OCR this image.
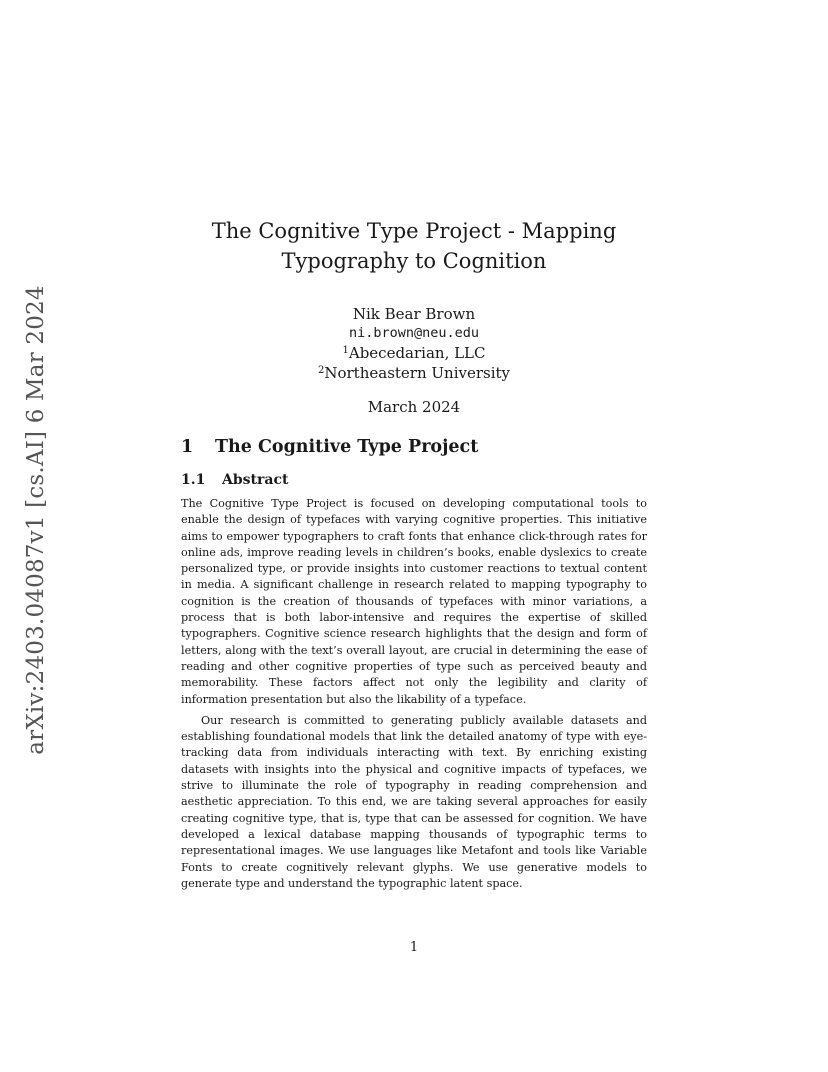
arXiv:2403.04087v1 [cs.AI] 6 Mar 2024
The Cognitive Type Project - Mapping
Typography to Cognition
Nik Bear Brown
ni.brown@neu.edu
$^1$Abecedarian, LLC
$^2$Northeastern University
March 2024
1 The Cognitive Type Project
1.1 Abstract

The Cognitive Type Project is focused on developing computational tools to enable the design of typefaces with varying cognitive properties. This initiative aims to empower typographers to craft fonts that enhance click-through rates for online ads, improve reading levels in children’s books, enable dyslexics to create personalized type, or provide insights into customer reactions to textual content in media. A significant challenge in research related to mapping typography to cognition is the creation of thousands of typefaces with minor variations, a process that is both labor-intensive and requires the expertise of skilled typographers. Cognitive science research highlights that the design and form of letters, along with the text’s overall layout, are crucial in determining the ease of reading and other cognitive properties of type such as perceived beauty and memorability. These factors affect not only the legibility and clarity of information presentation but also the likability of a typeface.

Our research is committed to generating publicly available datasets and establishing foundational models that link the detailed anatomy of type with eye-tracking data from individuals interacting with text. By enriching existing datasets with insights into the physical and cognitive impacts of typefaces, we strive to illuminate the role of typography in reading comprehension and aesthetic appreciation. To this end, we are taking several approaches for easily creating cognitive type, that is, type that can be assessed for cognition. We have developed a lexical database mapping thousands of typographic terms to representational images. We use languages like Metafont and tools like Variable Fonts to create cognitively relevant glyphs. We use generative models to generate type and understand the typographic latent space.

1
